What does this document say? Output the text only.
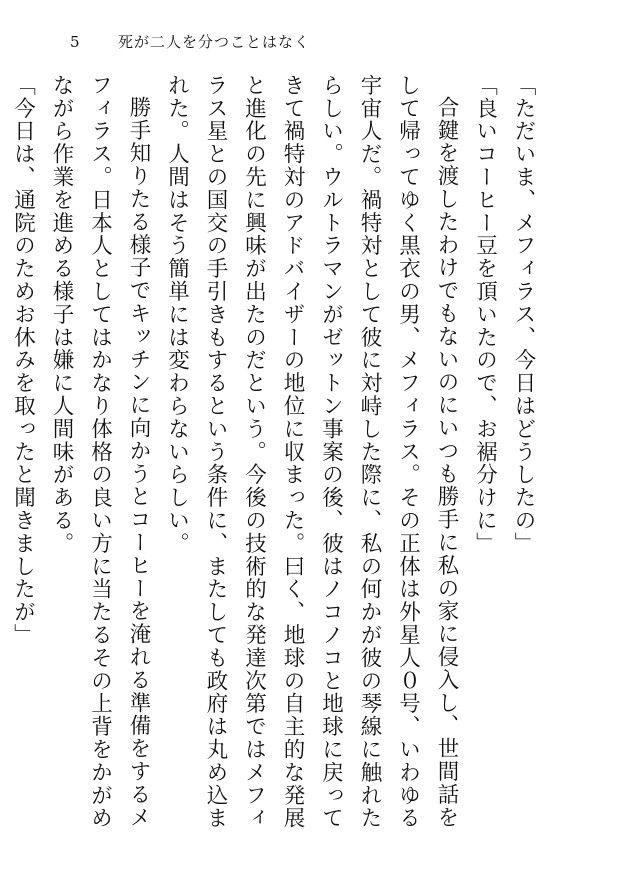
5	死が二人を分つことはなく

「ただいま、メフィラス、今日はどうしたの」

「良いコーヒー豆を頂いたので、お裾分けに」

合鍵を渡したわけでもないのにいつも勝手に私の家に侵入し、世間話をして帰ってゆく黒衣の男、メフィラス。その正体は外星人０号、いわゆる宇宙人だ。禍特対として彼に対峙した際に、私の何かが彼の琴線に触れたらしい。ウルトラマンがゼットン事案の後、彼はノコノコと地球に戻ってきて禍特対のアドバイザーの地位に収まった。曰く、地球の自主的な発展と進化の先に興味が出たのだという。今後の技術的な発達次第ではメフィラス星との国交の手引きもするという条件に、またしても政府は丸め込まれた。人間はそう簡単には変わらないらしい。

勝手知りたる様子でキッチンに向かうとコーヒーを淹れる準備をするメフィラス。日本人としてはかなり体格の良い方に当たるその上背をかがめながら作業を進める様子は嫌に人間味がある。

「今日は、通院のためお休みを取ったと聞きましたが」
